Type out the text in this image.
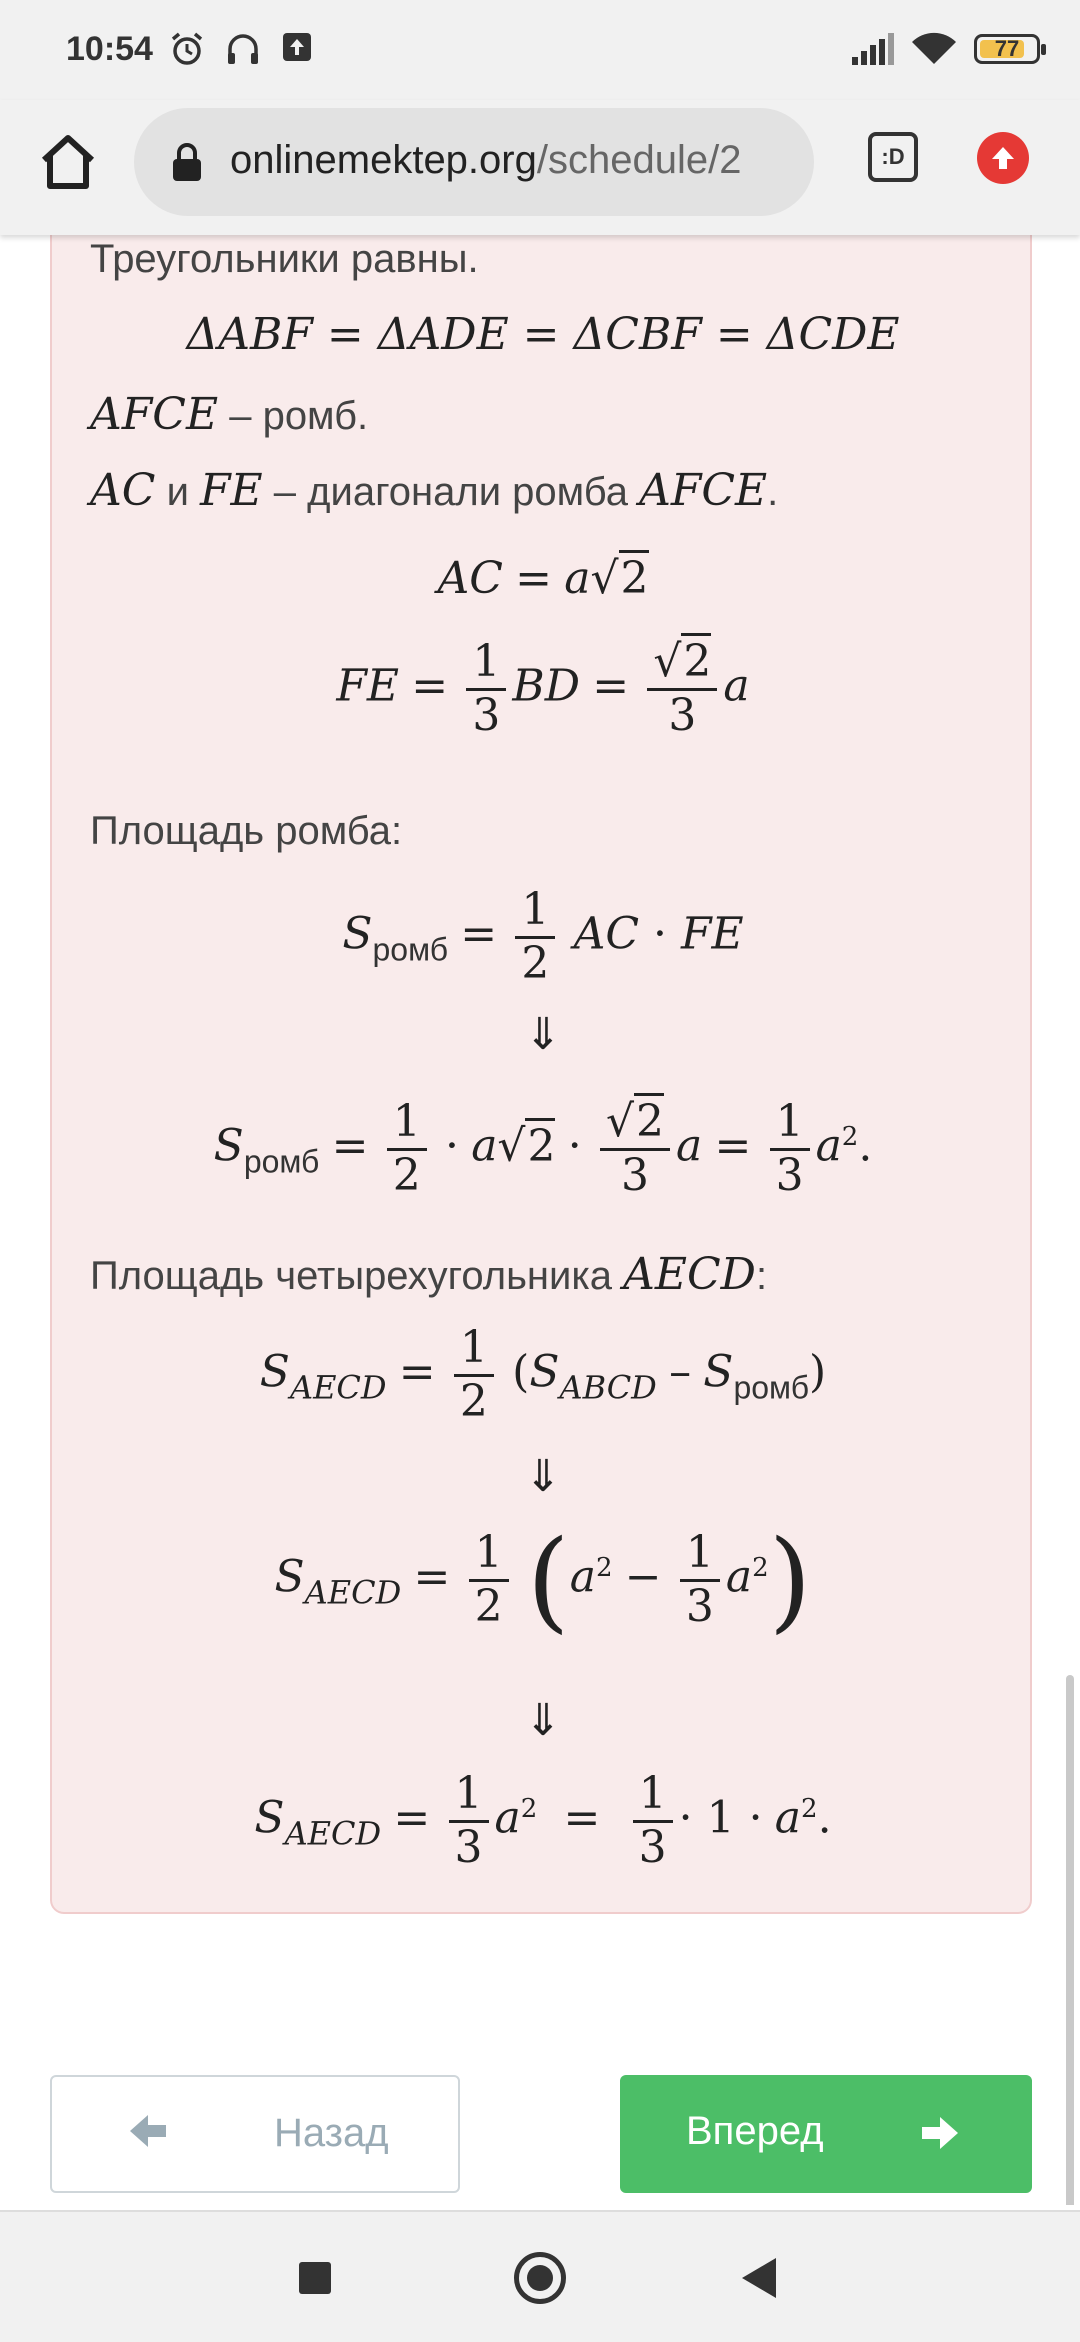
10:54	77
onlinemektep.org/schedule/2	:D
Треугольники равны.
ΔABF = ΔADE = ΔCBF = ΔCDE
AFCE – ромб.
AC и FE – диагонали ромба AFCE.
AC = a√2
FE = $\frac{1}{3}$ BD = $\frac{√2}{3}$ a
Площадь ромба:
$S_{ромб} = \frac{1}{2}$ AC · FE
⇓
$S_{ромб} = \frac{1}{2} \cdot a√2 \cdot \frac{√2}{3}$ $a = \frac{1}{3} a^2$.
Площадь четырехугольника AECD:
$S_{AECD} = \frac{1}{2} (S_{ABCD} - S_{ромб})$
⇓
$S_{AECD} = \frac{1}{2} (a^2 - \frac{1}{3} a^2)$
⇓
$S_{AECD} = \frac{1}{3} a^2 = \frac{1}{3} \cdot 1 \cdot a^2$.
Назад	Вперед
